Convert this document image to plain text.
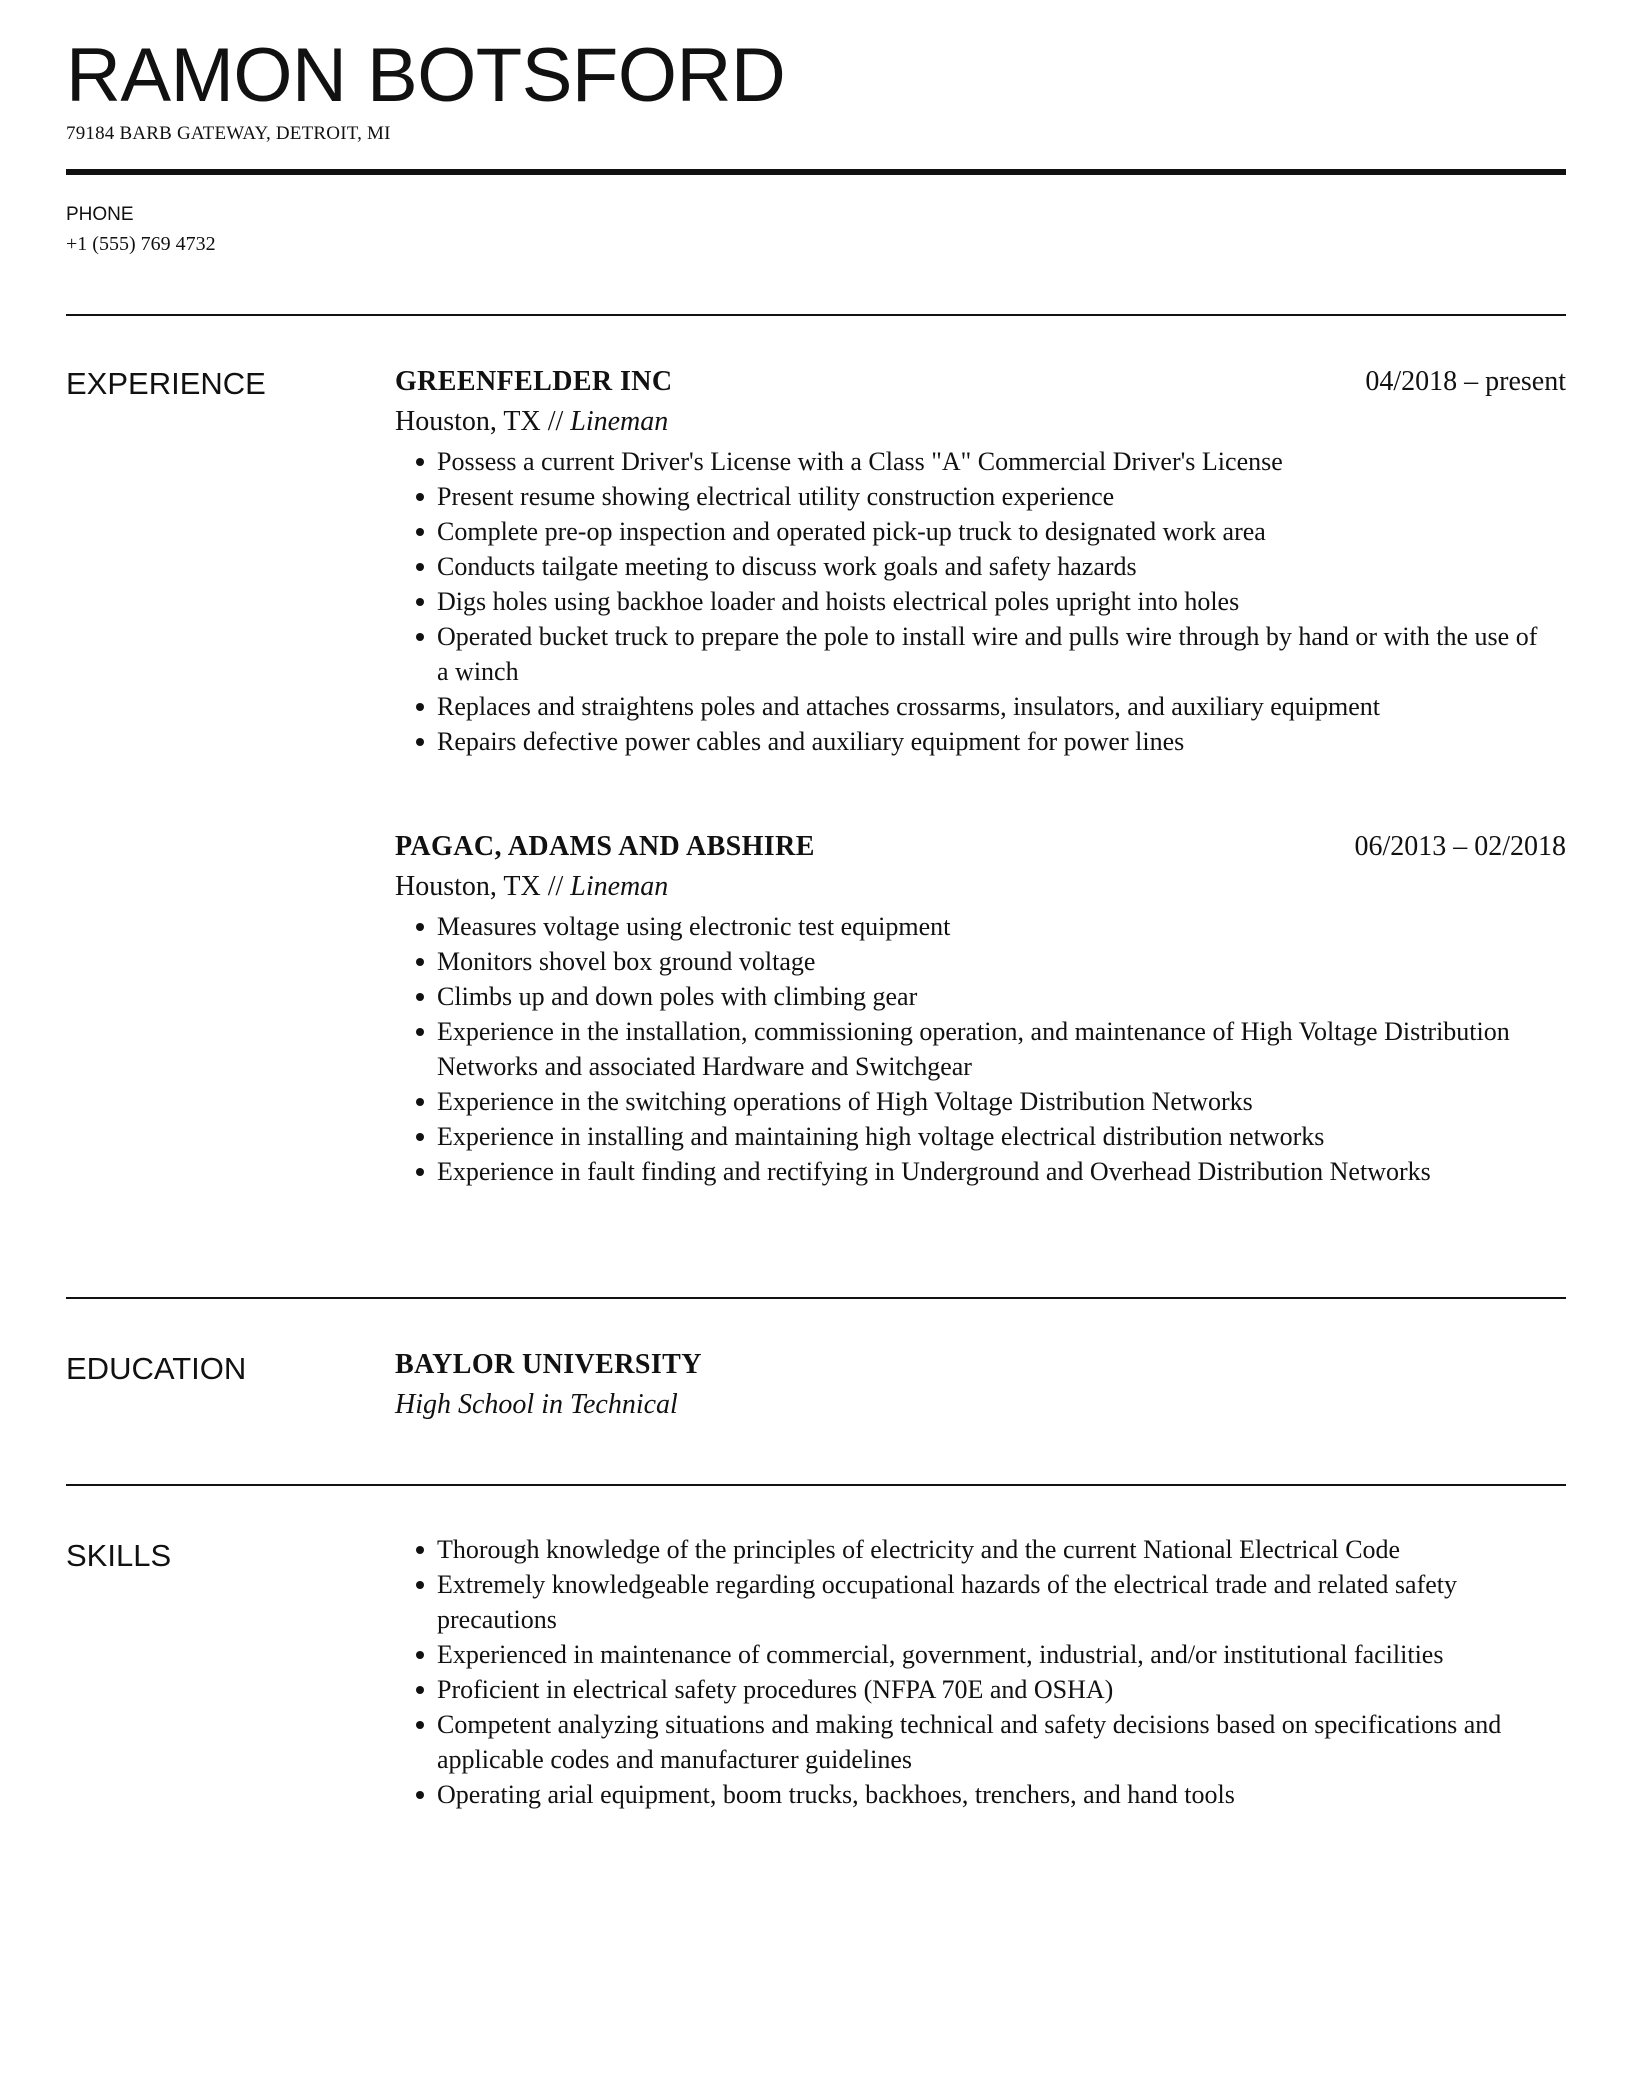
RAMON BOTSFORD
79184 BARB GATEWAY, DETROIT, MI
PHONE
+1 (555) 769 4732
EXPERIENCE	GREENFELDER INC	04/2018 – present
Houston, TX // Lineman
Possess a current Driver's License with a Class "A" Commercial Driver's License
Present resume showing electrical utility construction experience
Complete pre-op inspection and operated pick-up truck to designated work area
Conducts tailgate meeting to discuss work goals and safety hazards
Digs holes using backhoe loader and hoists electrical poles upright into holes
Operated bucket truck to prepare the pole to install wire and pulls wire through by hand or with the use of a winch
Replaces and straightens poles and attaches crossarms, insulators, and auxiliary equipment
Repairs defective power cables and auxiliary equipment for power lines
PAGAC, ADAMS AND ABSHIRE	06/2013 – 02/2018
Houston, TX // Lineman
Measures voltage using electronic test equipment
Monitors shovel box ground voltage
Climbs up and down poles with climbing gear
Experience in the installation, commissioning operation, and maintenance of High Voltage Distribution Networks and associated Hardware and Switchgear
Experience in the switching operations of High Voltage Distribution Networks
Experience in installing and maintaining high voltage electrical distribution networks
Experience in fault finding and rectifying in Underground and Overhead Distribution Networks
EDUCATION	BAYLOR UNIVERSITY
High School in Technical
SKILLS	Thorough knowledge of the principles of electricity and the current National Electrical Code
Extremely knowledgeable regarding occupational hazards of the electrical trade and related safety precautions
Experienced in maintenance of commercial, government, industrial, and/or institutional facilities
Proficient in electrical safety procedures (NFPA 70E and OSHA)
Competent analyzing situations and making technical and safety decisions based on specifications and applicable codes and manufacturer guidelines
Operating arial equipment, boom trucks, backhoes, trenchers, and hand tools
